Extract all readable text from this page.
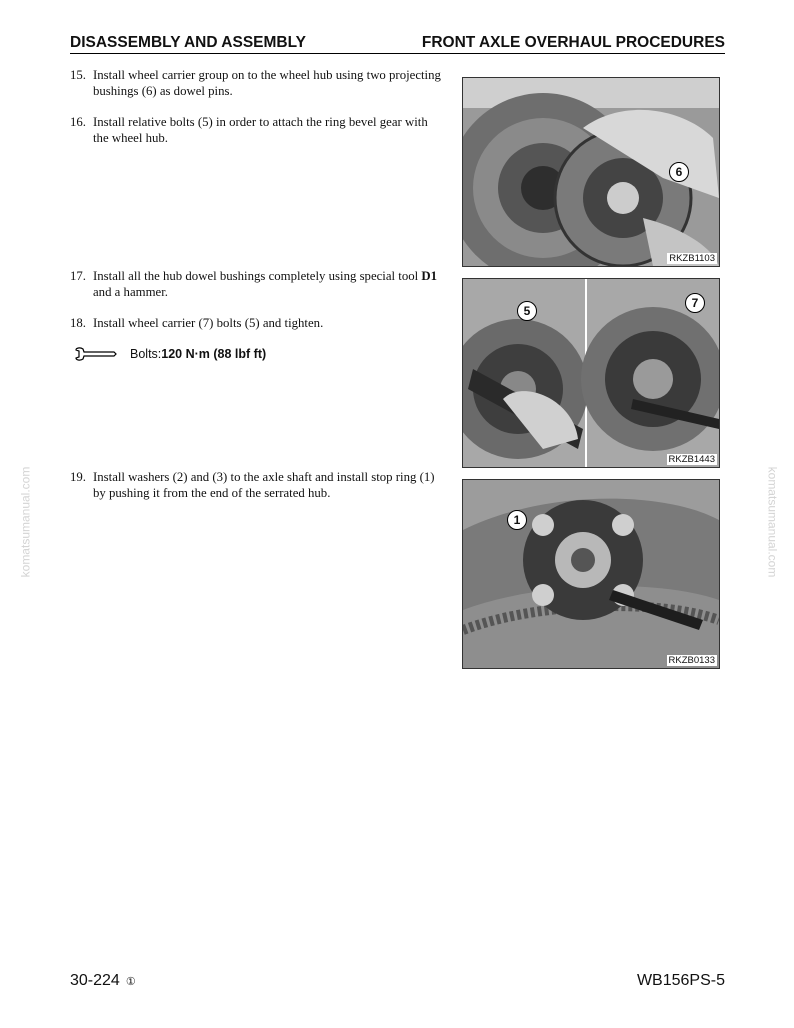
DISASSEMBLY AND ASSEMBLY	FRONT AXLE OVERHAUL PROCEDURES
15. Install wheel carrier group on to the wheel hub using two projecting bushings (6) as dowel pins.
16. Install relative bolts (5) in order to attach the ring bevel gear with the wheel hub.
17. Install all the hub dowel bushings completely using special tool D1 and a hammer.
18. Install wheel carrier (7) bolts (5) and tighten.
Bolts: 120 N·m (88 lbf ft)
19. Install washers (2) and (3) to the axle shaft and install stop ring (1) by pushing it from the end of the serrated hub.
6
RKZB1103
5
7
RKZB1443
1
RKZB0133
komatsumanual.com	komatsumanual.com
30-224 ①	WB156PS-5
